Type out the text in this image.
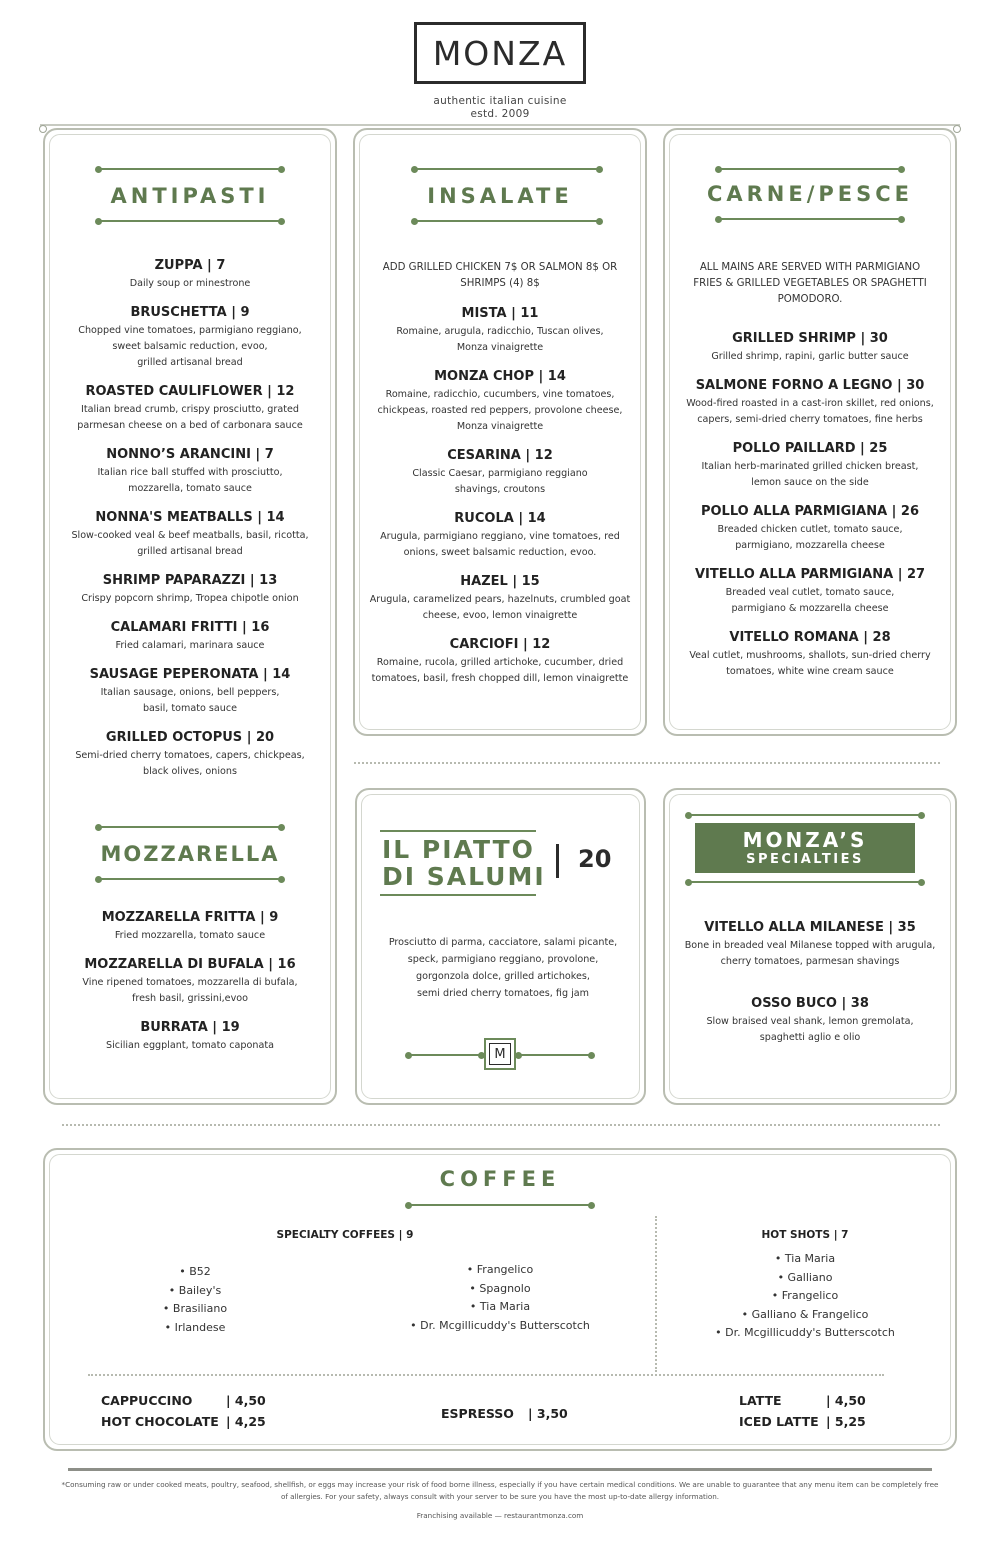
MONZA
authentic italian cuisine
estd. 2009
ANTIPASTI
ZUPPA | 7
Daily soup or minestrone
BRUSCHETTA | 9
Chopped vine tomatoes, parmigiano reggiano,
sweet balsamic reduction, evoo,
grilled artisanal bread
ROASTED CAULIFLOWER | 12
Italian bread crumb, crispy prosciutto, grated
parmesan cheese on a bed of carbonara sauce
NONNO’S ARANCINI | 7
Italian rice ball stuffed with prosciutto,
mozzarella, tomato sauce
NONNA'S MEATBALLS | 14
Slow-cooked veal & beef meatballs, basil, ricotta,
grilled artisanal bread
SHRIMP PAPARAZZI | 13
Crispy popcorn shrimp, Tropea chipotle onion
CALAMARI FRITTI | 16
Fried calamari, marinara sauce
SAUSAGE PEPERONATA | 14
Italian sausage, onions, bell peppers,
basil, tomato sauce
GRILLED OCTOPUS | 20
Semi-dried cherry tomatoes, capers, chickpeas,
black olives, onions
MOZZARELLA
MOZZARELLA FRITTA | 9
Fried mozzarella, tomato sauce
MOZZARELLA DI BUFALA | 16
Vine ripened tomatoes, mozzarella di bufala,
fresh basil, grissini,evoo
BURRATA | 19
Sicilian eggplant, tomato caponata
INSALATE
ADD GRILLED CHICKEN 7$ OR SALMON 8$ OR
SHRIMPS (4) 8$
MISTA | 11
Romaine, arugula, radicchio, Tuscan olives,
Monza vinaigrette
MONZA CHOP | 14
Romaine, radicchio, cucumbers, vine tomatoes,
chickpeas, roasted red peppers, provolone cheese,
Monza vinaigrette
CESARINA | 12
Classic Caesar, parmigiano reggiano
shavings, croutons
RUCOLA | 14
Arugula, parmigiano reggiano, vine tomatoes, red
onions, sweet balsamic reduction, evoo.
HAZEL | 15
Arugula, caramelized pears, hazelnuts, crumbled goat
cheese, evoo, lemon vinaigrette
CARCIOFI | 12
Romaine, rucola, grilled artichoke, cucumber, dried
tomatoes, basil, fresh chopped dill, lemon vinaigrette
CARNE/PESCE
ALL MAINS ARE SERVED WITH PARMIGIANO
FRIES & GRILLED VEGETABLES OR SPAGHETTI
POMODORO.
GRILLED SHRIMP | 30
Grilled shrimp, rapini, garlic butter sauce
SALMONE FORNO A LEGNO | 30
Wood-fired roasted in a cast-iron skillet, red onions,
capers, semi-dried cherry tomatoes, fine herbs
POLLO PAILLARD | 25
Italian herb-marinated grilled chicken breast,
lemon sauce on the side
POLLO ALLA PARMIGIANA | 26
Breaded chicken cutlet, tomato sauce,
parmigiano, mozzarella cheese
VITELLO ALLA PARMIGIANA | 27
Breaded veal cutlet, tomato sauce,
parmigiano & mozzarella cheese
VITELLO ROMANA | 28
Veal cutlet, mushrooms, shallots, sun-dried cherry
tomatoes, white wine cream sauce
IL PIATTO
DI SALUMI
20
Prosciutto di parma, cacciatore, salami picante,
speck, parmigiano reggiano, provolone,
gorgonzola dolce, grilled artichokes,
semi dried cherry tomatoes, fig jam
M
MONZA’S
SPECIALTIES
VITELLO ALLA MILANESE | 35
Bone in breaded veal Milanese topped with arugula,
cherry tomatoes, parmesan shavings
OSSO BUCO | 38
Slow braised veal shank, lemon gremolata,
spaghetti aglio e olio
COFFEE
SPECIALTY COFFEES | 9
• B52
• Bailey's
• Brasiliano
• Irlandese
• Frangelico
• Spagnolo
• Tia Maria
• Dr. Mcgillicuddy's Butterscotch
HOT SHOTS | 7
• Tia Maria
• Galliano
• Frangelico
• Galliano & Frangelico
• Dr. Mcgillicuddy's Butterscotch
CAPPUCCINO	| 4,50
HOT CHOCOLATE | 4,25
ESPRESSO | 3,50
LATTE	| 4,50
ICED LATTE | 5,25
*Consuming raw or under cooked meats, poultry, seafood, shellfish, or eggs may increase your risk of food borne illness, especially if you have certain medical conditions. We are unable to guarantee that any menu item can be completely free
of allergies. For your safety, always consult with your server to be sure you have the most up-to-date allergy information.
Franchising available — restaurantmonza.com
